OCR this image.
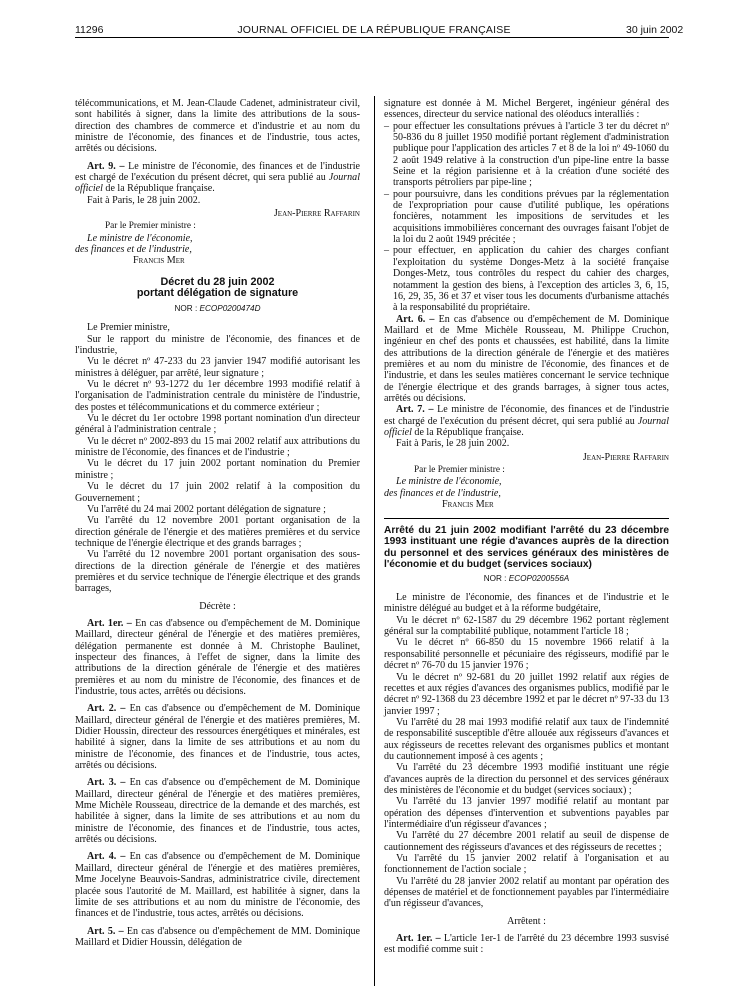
11296	JOURNAL OFFICIEL DE LA RÉPUBLIQUE FRANÇAISE	30 juin 2002

télécommunications, et M. Jean-Claude Cadenet, administrateur civil, sont habilités à signer, dans la limite des attributions de la sous-direction des chambres de commerce et d'industrie et au nom du ministre de l'économie, des finances et de l'industrie, tous actes, arrêtés ou décisions.

Art. 9. – Le ministre de l'économie, des finances et de l'industrie est chargé de l'exécution du présent décret, qui sera publié au Journal officiel de la République française.

Fait à Paris, le 28 juin 2002.

Jean-Pierre Raffarin

Par le Premier ministre :

Le ministre de l'économie,

des finances et de l'industrie,

Francis Mer

Décret du 28 juin 2002
portant délégation de signature
NOR : ECOP0200474D

Le Premier ministre,

Sur le rapport du ministre de l'économie, des finances et de l'industrie,

Vu le décret nº 47-233 du 23 janvier 1947 modifié autorisant les ministres à déléguer, par arrêté, leur signature ;

Vu le décret nº 93-1272 du 1er décembre 1993 modifié relatif à l'organisation de l'administration centrale du ministère de l'industrie, des postes et télécommunications et du commerce extérieur ;

Vu le décret du 1er octobre 1998 portant nomination d'un directeur général à l'administration centrale ;

Vu le décret nº 2002-893 du 15 mai 2002 relatif aux attributions du ministre de l'économie, des finances et de l'industrie ;

Vu le décret du 17 juin 2002 portant nomination du Premier ministre ;

Vu le décret du 17 juin 2002 relatif à la composition du Gouvernement ;

Vu l'arrêté du 24 mai 2002 portant délégation de signature ;

Vu l'arrêté du 12 novembre 2001 portant organisation de la direction générale de l'énergie et des matières premières et du service technique de l'énergie électrique et des grands barrages ;

Vu l'arrêté du 12 novembre 2001 portant organisation des sous-directions de la direction générale de l'énergie et des matières premières et du service technique de l'énergie électrique et des grands barrages,

Décrète :

Art. 1er. – En cas d'absence ou d'empêchement de M. Dominique Maillard, directeur général de l'énergie et des matières premières, délégation permanente est donnée à M. Christophe Baulinet, inspecteur des finances, à l'effet de signer, dans la limite des attributions de la direction générale de l'énergie et des matières premières et au nom du ministre de l'économie, des finances et de l'industrie, tous actes, arrêtés ou décisions.

Art. 2. – En cas d'absence ou d'empêchement de M. Dominique Maillard, directeur général de l'énergie et des matières premières, M. Didier Houssin, directeur des ressources énergétiques et minérales, est habilité à signer, dans la limite de ses attributions et au nom du ministre de l'économie, des finances et de l'industrie, tous actes, arrêtés ou décisions.

Art. 3. – En cas d'absence ou d'empêchement de M. Dominique Maillard, directeur général de l'énergie et des matières premières, Mme Michèle Rousseau, directrice de la demande et des marchés, est habilitée à signer, dans la limite de ses attributions et au nom du ministre de l'économie, des finances et de l'industrie, tous actes, arrêtés ou décisions.

Art. 4. – En cas d'absence ou d'empêchement de M. Dominique Maillard, directeur général de l'énergie et des matières premières, Mme Jocelyne Beauvois-Sandras, administratrice civile, directement placée sous l'autorité de M. Maillard, est habilitée à signer, dans la limite de ses attributions et au nom du ministre de l'économie, des finances et de l'industrie, tous actes, arrêtés ou décisions.

Art. 5. – En cas d'absence ou d'empêchement de MM. Dominique Maillard et Didier Houssin, délégation de

signature est donnée à M. Michel Bergeret, ingénieur général des essences, directeur du service national des oléoducs interalliés :

– pour effectuer les consultations prévues à l'article 3 ter du décret nº 50-836 du 8 juillet 1950 modifié portant règlement d'administration publique pour l'application des articles 7 et 8 de la loi nº 49-1060 du 2 août 1949 relative à la construction d'un pipe-line entre la basse Seine et la région parisienne et à la création d'une société des transports pétroliers par pipe-line ;
– pour poursuivre, dans les conditions prévues par la réglementation de l'expropriation pour cause d'utilité publique, les opérations foncières, notamment les impositions de servitudes et les acquisitions immobilières concernant des ouvrages faisant l'objet de la loi du 2 août 1949 précitée ;
– pour effectuer, en application du cahier des charges confiant l'exploitation du système Donges-Metz à la société française Donges-Metz, tous contrôles du respect du cahier des charges, notamment la gestion des biens, à l'exception des articles 3, 6, 15, 16, 29, 35, 36 et 37 et viser tous les documents d'urbanisme attachés à la responsabilité du propriétaire.

Art. 6. – En cas d'absence ou d'empêchement de M. Dominique Maillard et de Mme Michèle Rousseau, M. Philippe Cruchon, ingénieur en chef des ponts et chaussées, est habilité, dans la limite des attributions de la direction générale de l'énergie et des matières premières et au nom du ministre de l'économie, des finances et de l'industrie, et dans les seules matières concernant le service technique de l'énergie électrique et des grands barrages, à signer tous actes, arrêtés ou décisions.

Art. 7. – Le ministre de l'économie, des finances et de l'industrie est chargé de l'exécution du présent décret, qui sera publié au Journal officiel de la République française.

Fait à Paris, le 28 juin 2002.

Jean-Pierre Raffarin

Par le Premier ministre :

Le ministre de l'économie,

des finances et de l'industrie,

Francis Mer

Arrêté du 21 juin 2002 modifiant l'arrêté du 23 décembre 1993 instituant une régie d'avances auprès de la direction du personnel et des services généraux des ministères de l'économie et du budget (services sociaux)
NOR : ECOP0200556A

Le ministre de l'économie, des finances et de l'industrie et le ministre délégué au budget et à la réforme budgétaire,

Vu le décret nº 62-1587 du 29 décembre 1962 portant règlement général sur la comptabilité publique, notamment l'article 18 ;

Vu le décret nº 66-850 du 15 novembre 1966 relatif à la responsabilité personnelle et pécuniaire des régisseurs, modifié par le décret nº 76-70 du 15 janvier 1976 ;

Vu le décret nº 92-681 du 20 juillet 1992 relatif aux régies de recettes et aux régies d'avances des organismes publics, modifié par le décret nº 92-1368 du 23 décembre 1992 et par le décret nº 97-33 du 13 janvier 1997 ;

Vu l'arrêté du 28 mai 1993 modifié relatif aux taux de l'indemnité de responsabilité susceptible d'être allouée aux régisseurs d'avances et aux régisseurs de recettes relevant des organismes publics et montant du cautionnement imposé à ces agents ;

Vu l'arrêté du 23 décembre 1993 modifié instituant une régie d'avances auprès de la direction du personnel et des services généraux des ministères de l'économie et du budget (services sociaux) ;

Vu l'arrêté du 13 janvier 1997 modifié relatif au montant par opération des dépenses d'intervention et subventions payables par l'intermédiaire d'un régisseur d'avances ;

Vu l'arrêté du 27 décembre 2001 relatif au seuil de dispense de cautionnement des régisseurs d'avances et des régisseurs de recettes ;

Vu l'arrêté du 15 janvier 2002 relatif à l'organisation et au fonctionnement de l'action sociale ;

Vu l'arrêté du 28 janvier 2002 relatif au montant par opération des dépenses de matériel et de fonctionnement payables par l'intermédiaire d'un régisseur d'avances,

Arrêtent :

Art. 1er. – L'article 1er-1 de l'arrêté du 23 décembre 1993 susvisé est modifié comme suit :
